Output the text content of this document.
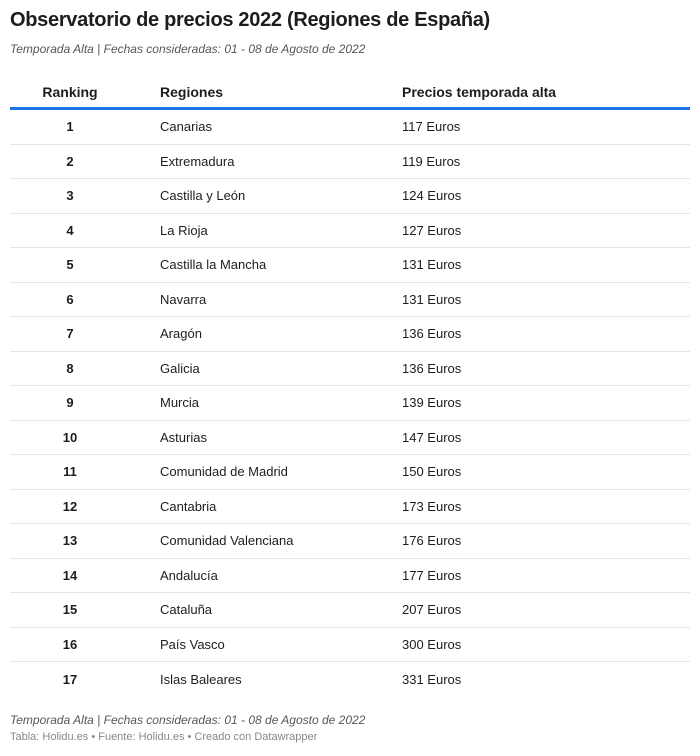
Observatorio de precios 2022 (Regiones de España)
Temporada Alta | Fechas consideradas: 01 - 08 de Agosto de 2022
Ranking	Regiones	Precios temporada alta
1	Canarias	117 Euros
2	Extremadura	119 Euros
3	Castilla y León	124 Euros
4	La Rioja	127 Euros
5	Castilla la Mancha	131 Euros
6	Navarra	131 Euros
7	Aragón	136 Euros
8	Galicia	136 Euros
9	Murcia	139 Euros
10	Asturias	147 Euros
11	Comunidad de Madrid	150 Euros
12	Cantabria	173 Euros
13	Comunidad Valenciana	176 Euros
14	Andalucía	177 Euros
15	Cataluña	207 Euros
16	País Vasco	300 Euros
17	Islas Baleares	331 Euros
Temporada Alta | Fechas consideradas: 01 - 08 de Agosto de 2022
Tabla: Holidu.es • Fuente: Holidu.es • Creado con Datawrapper
